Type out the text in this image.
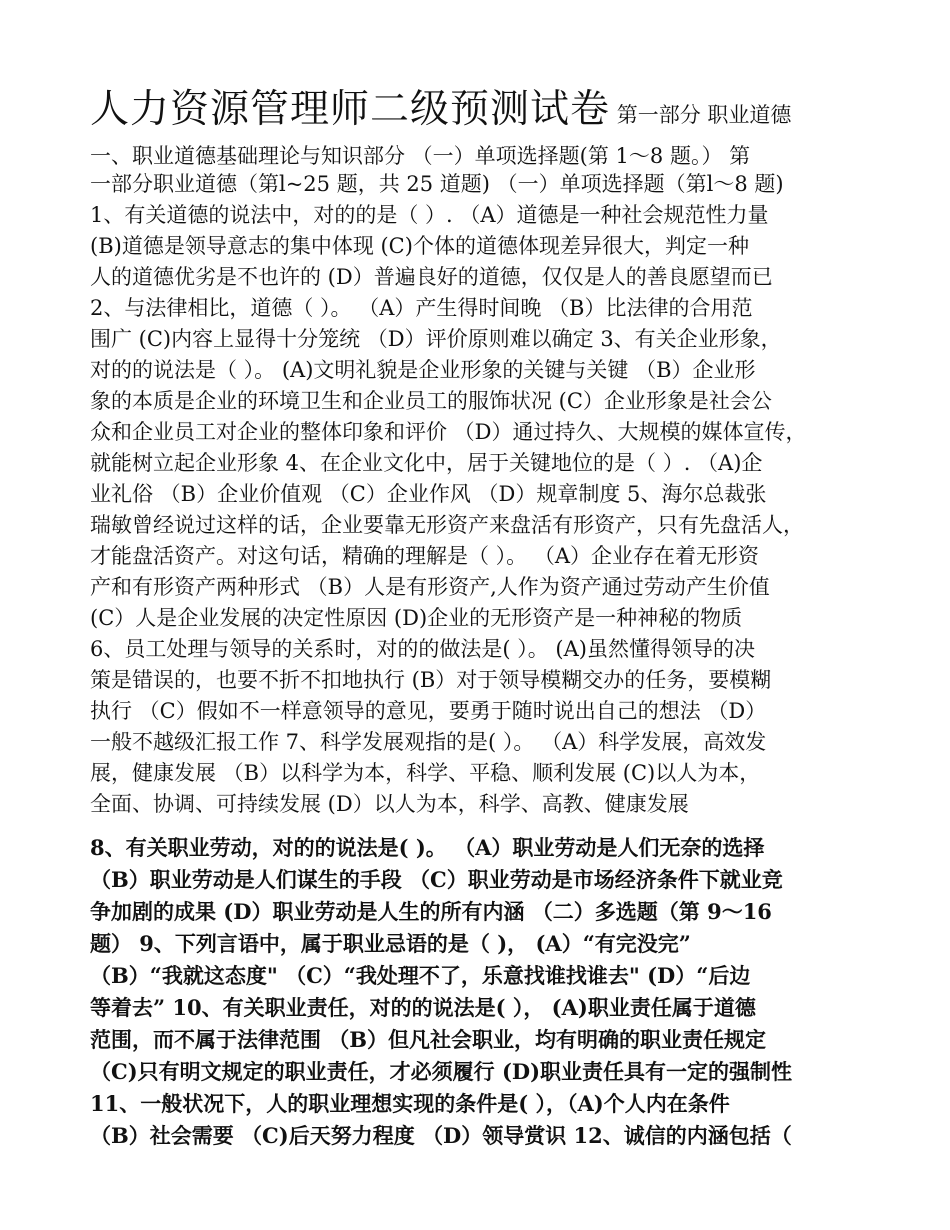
人力资源管理师二级预测试卷 第一部分 职业道德
一、职业道德基础理论与知识部分 （一）单项选择题(第 1～8 题。） 第
一部分职业道德（第l~25 题，共 25 道题) （一）单项选择题（第l～8 题)
1、有关道德的说法中，对的的是（ ）. （A）道德是一种社会规范性力量
(B)道德是领导意志的集中体现 (C)个体的道德体现差异很大，判定一种
人的道德优劣是不也许的 (D）普遍良好的道德，仅仅是人的善良愿望而已
2、与法律相比，道德（ ）。 （A）产生得时间晚 （B）比法律的合用范
围广 (C)内容上显得十分笼统 （D）评价原则难以确定 3、有关企业形象，
对的的说法是（ ）。 (A)文明礼貌是企业形象的关键与关键 （B）企业形
象的本质是企业的环境卫生和企业员工的服饰状况 (C）企业形象是社会公
众和企业员工对企业的整体印象和评价 （D）通过持久、大规模的媒体宣传，
就能树立起企业形象 4、在企业文化中，居于关键地位的是（ ）. （A)企
业礼俗 （B）企业价值观 （C）企业作风 （D）规章制度 5、海尔总裁张
瑞敏曾经说过这样的话，企业要靠无形资产来盘活有形资产，只有先盘活人，
才能盘活资产。对这句话，精确的理解是（ ）。 （A）企业存在着无形资
产和有形资产两种形式 （B）人是有形资产,人作为资产通过劳动产生价值
(C）人是企业发展的决定性原因 (D)企业的无形资产是一种神秘的物质
6、员工处理与领导的关系时，对的的做法是( ）。 (A)虽然懂得领导的决
策是错误的，也要不折不扣地执行 (B）对于领导模糊交办的任务，要模糊
执行 （C）假如不一样意领导的意见，要勇于随时说出自己的想法 （D）
一般不越级汇报工作 7、科学发展观指的是( ）。 （A）科学发展，高效发
展，健康发展 （B）以科学为本，科学、平稳、顺利发展 (C)以人为本，
全面、协调、可持续发展 (D）以人为本，科学、高教、健康发展
8、有关职业劳动，对的的说法是( )。 （A）职业劳动是人们无奈的选择
（B）职业劳动是人们谋生的手段 （C）职业劳动是市场经济条件下就业竞
争加剧的成果 (D）职业劳动是人生的所有内涵 （二）多选题（第 9～16
题） 9、下列言语中，属于职业忌语的是（ )， (A）“有完没完”
（B）“我就这态度" （C）“我处理不了，乐意找谁找谁去" (D）“后边
等着去” 10、有关职业责任，对的的说法是( ）， (A)职业责任属于道德
范围，而不属于法律范围 （B）但凡社会职业，均有明确的职业责任规定
（C)只有明文规定的职业责任，才必须履行 (D)职业责任具有一定的强制性
11、一般状况下，人的职业理想实现的条件是( ），（A)个人内在条件
（B）社会需要 （C)后天努力程度 （D）领导赏识 12、诚信的内涵包括（
